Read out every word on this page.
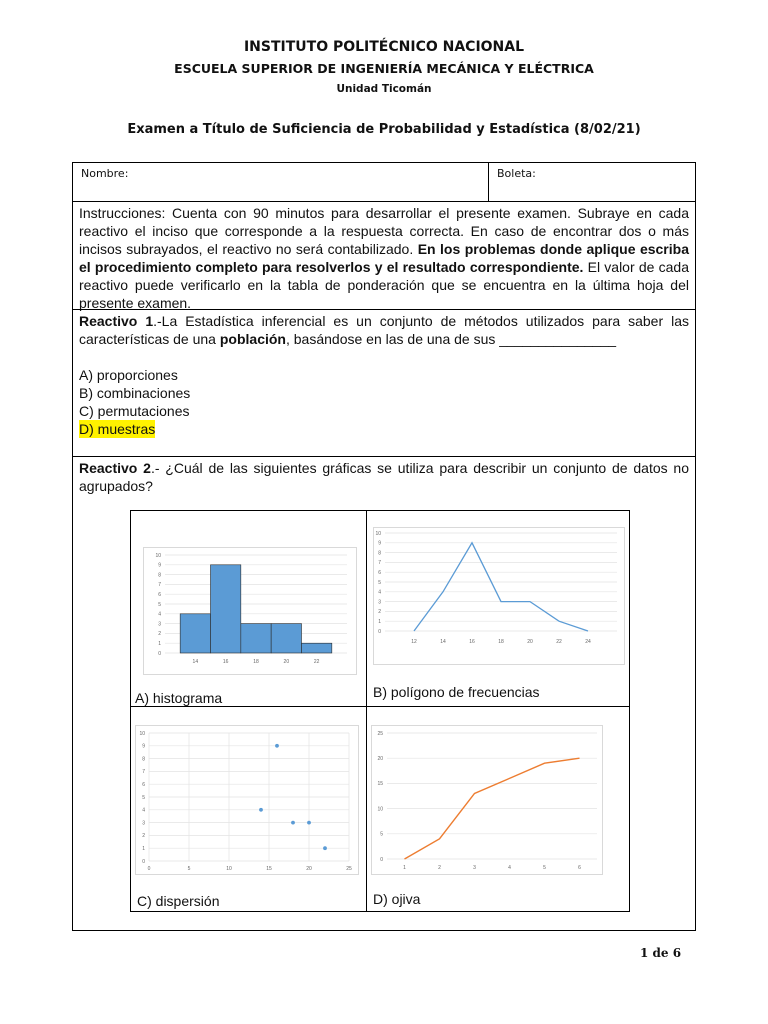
INSTITUTO POLITÉCNICO NACIONAL
ESCUELA SUPERIOR DE INGENIERÍA MECÁNICA Y ELÉCTRICA
Unidad Ticomán
Examen a Título de Suficiencia de Probabilidad y Estadística (8/02/21)
Nombre:	Boleta:
Instrucciones: Cuenta con 90 minutos para desarrollar el presente examen. Subraye en cada reactivo el inciso que corresponde a la respuesta correcta. En caso de encontrar dos o más incisos subrayados, el reactivo no será contabilizado. En los problemas donde aplique escriba el procedimiento completo para resolverlos y el resultado correspondiente. El valor de cada reactivo puede verificarlo en la tabla de ponderación que se encuentra en la última hoja del presente examen.
Reactivo 1.-La Estadística inferencial es un conjunto de métodos utilizados para saber las características de una población, basándose en las de una de sus _______________
A) proporciones
B) combinaciones
C) permutaciones
D) muestras
Reactivo 2.- ¿Cuál de las siguientes gráficas se utiliza para describir un conjunto de datos no agrupados?
0
1
2
3
4
5
6
7
8
9
10
14	16	18	20	22
A) histograma
0
1
2
3
4
5
6
7
8
9
10
12	14	16	18	20	22	24
B) polígono de frecuencias
0
1
2
3
4
5
6
7
8
9
10
0	5	10	15	20	25
C) dispersión
0
5
10
15
20
25
1	2	3	4	5	6
D) ojiva
1 de 6
